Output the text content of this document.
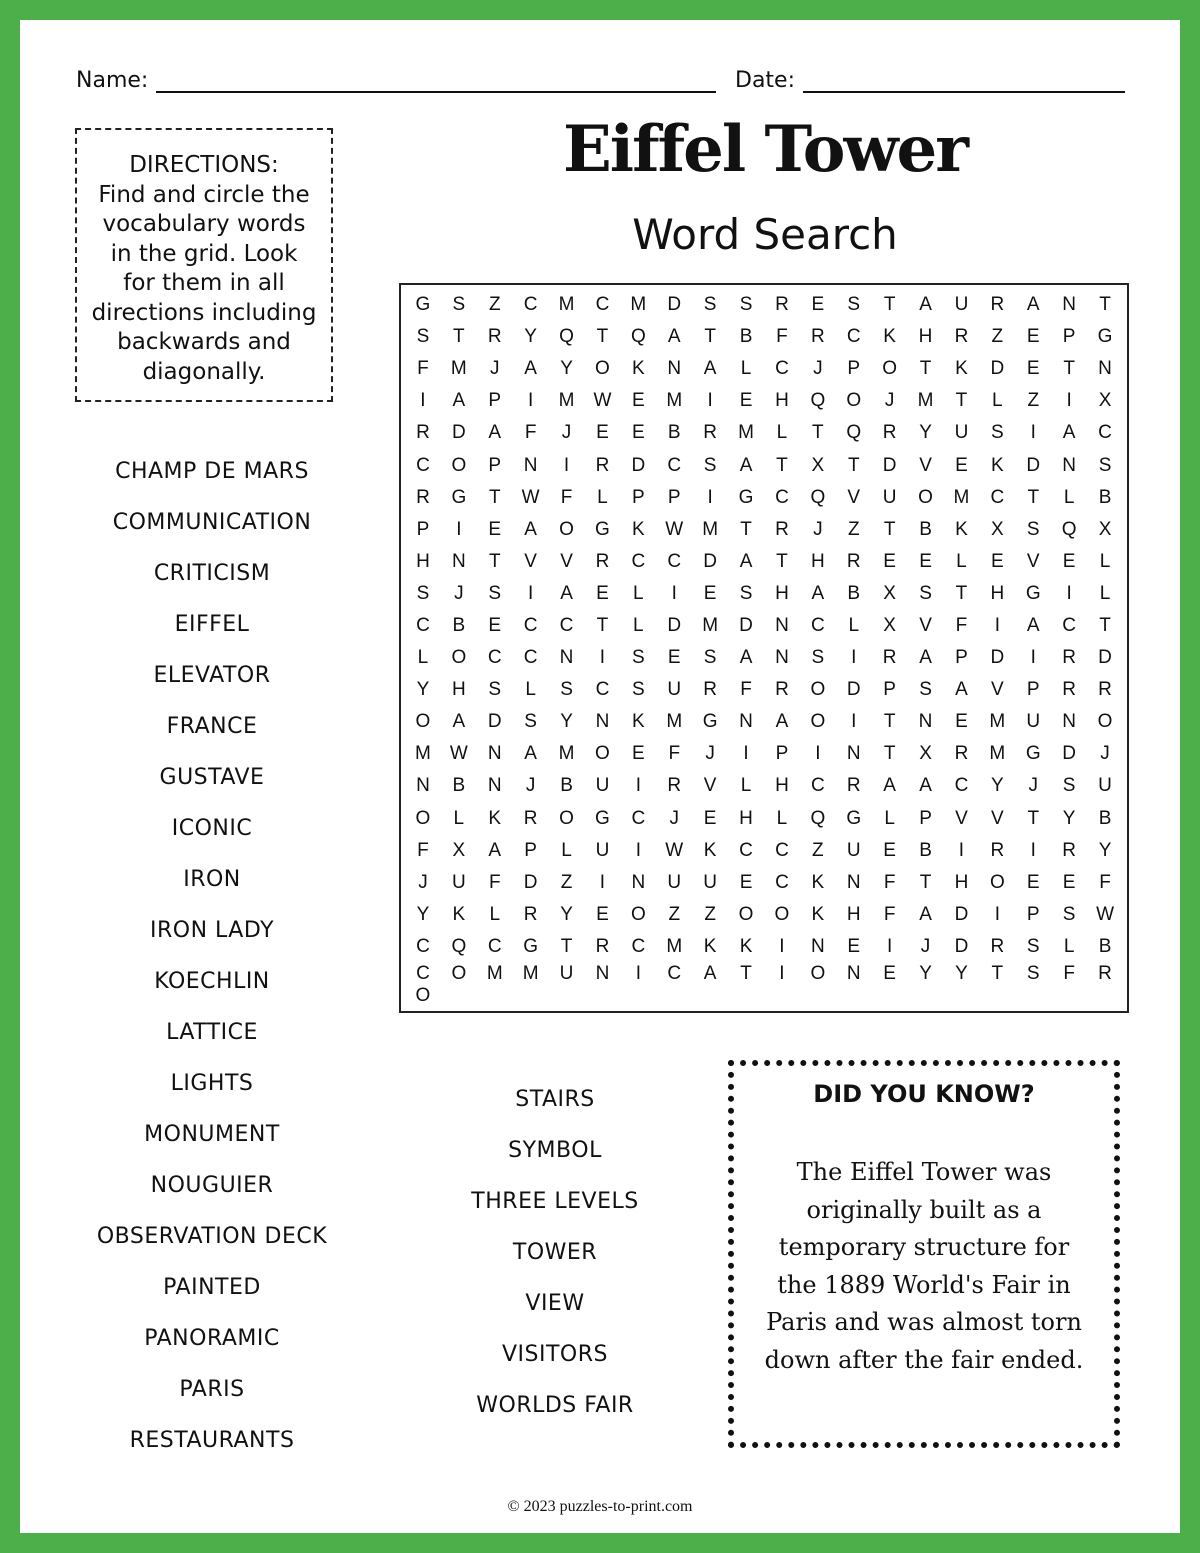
Name:	Date:
DIRECTIONS:
Find and circle the
vocabulary words
in the grid. Look
for them in all
directions including
backwards and
diagonally.
Eiffel Tower
Word Search
G	S	Z	C	M	C	M	D	S	S	R	E	S	T	A	U	R	A	N	T
S	T	R	Y	Q	T	Q	A	T	B	F	R	C	K	H	R	Z	E	P	G
F	M	J	A	Y	O	K	N	A	L	C	J	P	O	T	K	D	E	T	N
I	A	P	I	M	W	E	M	I	E	H	Q	O	J	M	T	L	Z	I	X
R	D	A	F	J	E	E	B	R	M	L	T	Q	R	Y	U	S	I	A	C
C	O	P	N	I	R	D	C	S	A	T	X	T	D	V	E	K	D	N	S
R	G	T	W	F	L	P	P	I	G	C	Q	V	U	O	M	C	T	L	B
P	I	E	A	O	G	K	W	M	T	R	J	Z	T	B	K	X	S	Q	X
H	N	T	V	V	R	C	C	D	A	T	H	R	E	E	L	E	V	E	L
S	J	S	I	A	E	L	I	E	S	H	A	B	X	S	T	H	G	I	L
C	B	E	C	C	T	L	D	M	D	N	C	L	X	V	F	I	A	C	T
L	O	C	C	N	I	S	E	S	A	N	S	I	R	A	P	D	I	R	D
Y	H	S	L	S	C	S	U	R	F	R	O	D	P	S	A	V	P	R	R
O	A	D	S	Y	N	K	M	G	N	A	O	I	T	N	E	M	U	N	O
M	W	N	A	M	O	E	F	J	I	P	I	N	T	X	R	M	G	D	J
N	B	N	J	B	U	I	R	V	L	H	C	R	A	A	C	Y	J	S	U
O	L	K	R	O	G	C	J	E	H	L	Q	G	L	P	V	V	T	Y	B
F	X	A	P	L	U	I	W	K	C	C	Z	U	E	B	I	R	I	R	Y
J	U	F	D	Z	I	N	U	U	E	C	K	N	F	T	H	O	E	E	F
Y	K	L	R	Y	E	O	Z	Z	O	O	K	H	F	A	D	I	P	S	W
C	Q	C	G	T	R	C	M	K	K	I	N	E	I	J	D	R	S	L	B
C	O	M	M	U	N	I	C	A	T	I	O	N	E	Y	Y	T	S	F	R
O
CHAMP DE MARS
COMMUNICATION
CRITICISM
EIFFEL
ELEVATOR
FRANCE
GUSTAVE
ICONIC
IRON
IRON LADY
KOECHLIN
LATTICE
LIGHTS
MONUMENT
NOUGUIER
OBSERVATION DECK
PAINTED
PANORAMIC
PARIS
RESTAURANTS
STAIRS
SYMBOL
THREE LEVELS
TOWER
VIEW
VISITORS
WORLDS FAIR
DID YOU KNOW?
The Eiffel Tower was
originally built as a
temporary structure for
the 1889 World's Fair in
Paris and was almost torn
down after the fair ended.
© 2023 puzzles-to-print.com
